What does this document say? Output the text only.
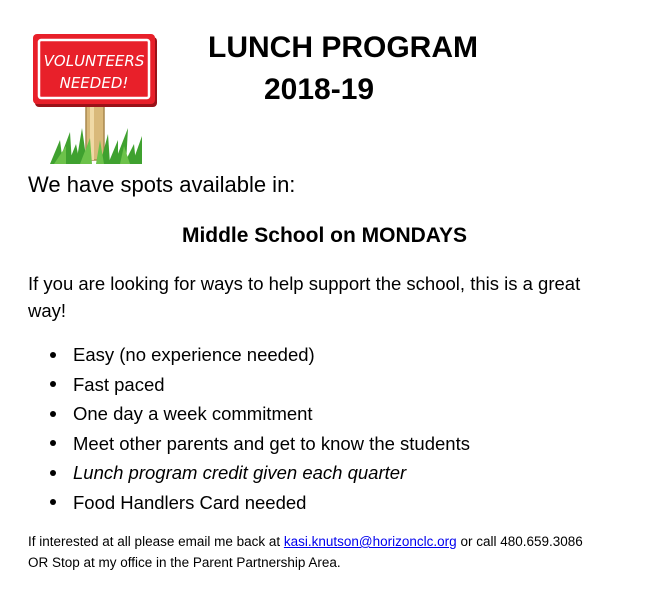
VOLUNTEERS
NEEDED!
LUNCH PROGRAM
2018-19
We have spots available in:
Middle School on MONDAYS
If you are looking for ways to help support the school, this is a great way!
Easy (no experience needed)
Fast paced
One day a week commitment
Meet other parents and get to know the students
Lunch program credit given each quarter
Food Handlers Card needed
If interested at all please email me back at kasi.knutson@horizonclc.org or call 480.659.3086
OR Stop at my office in the Parent Partnership Area.
